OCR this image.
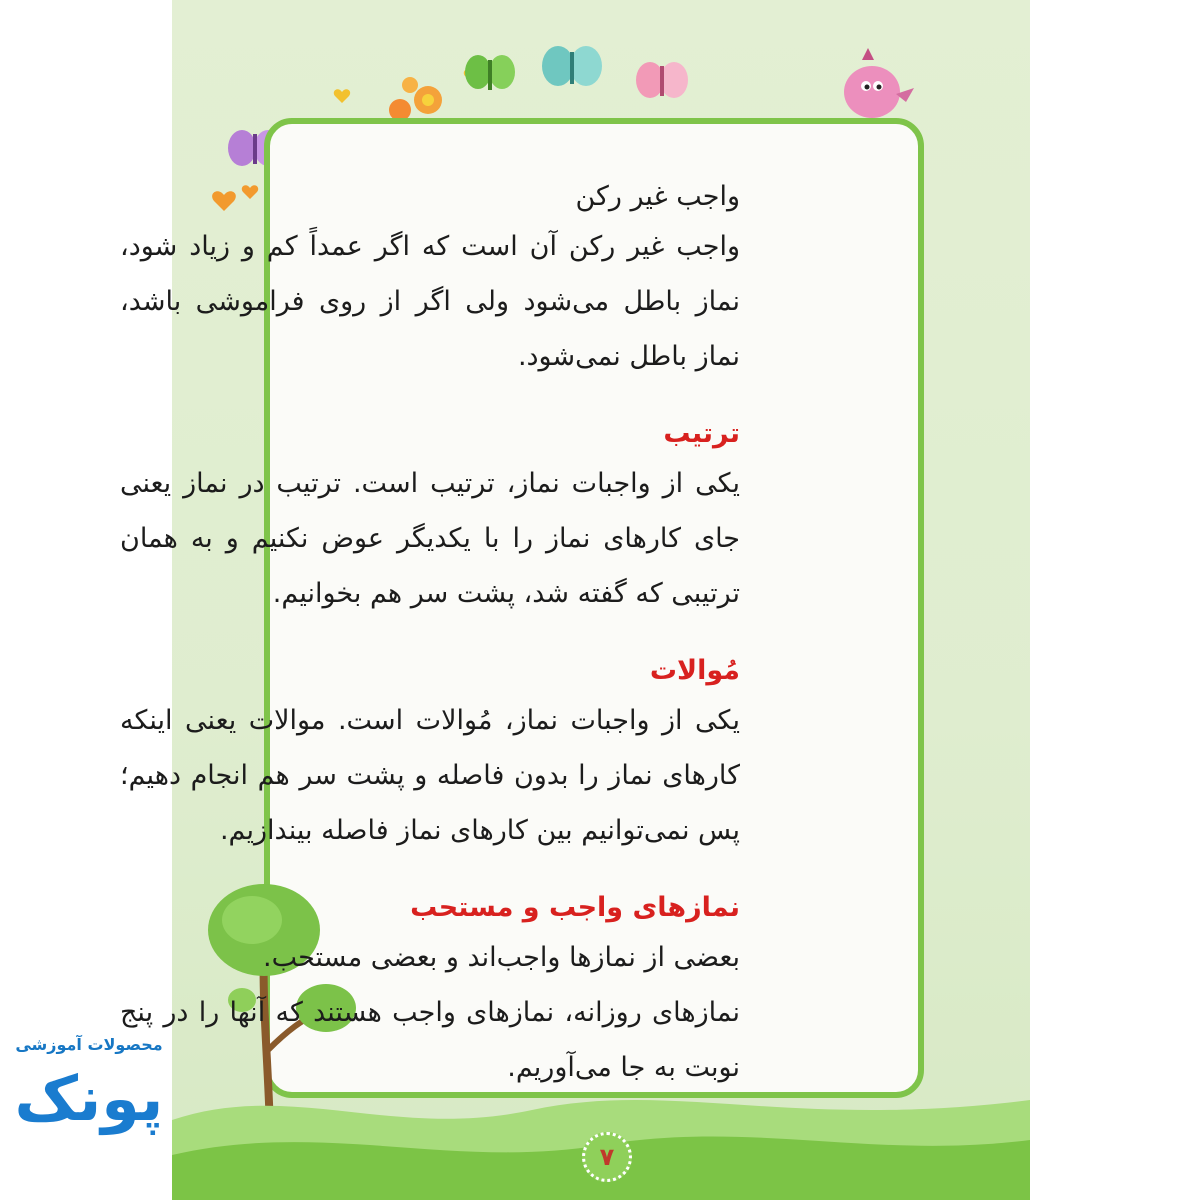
۷
واجب غیر رکن

واجب غیر رکن آن است که اگر عمداً کم و زیاد شود، نماز باطل می‌شود ولی اگر از روی فراموشی باشد، نماز باطل نمی‌شود.

ترتیب

یکی از واجبات نماز، ترتیب است. ترتیب در نماز یعنی جای کارهای نماز را با یکدیگر عوض نکنیم و به همان ترتیبی که گفته شد، پشت سر هم بخوانیم.

مُوالات

یکی از واجبات نماز، مُوالات است. موالات یعنی اینکه کارهای نماز را بدون فاصله و پشت سر هم انجام دهیم؛ پس نمی‌توانیم بین کارهای نماز فاصله بیندازیم.

نمازهای واجب و مستحب

بعضی از نمازها واجب‌اند و بعضی مستحب.

نمازهای روزانه، نمازهای واجب هستند که آنها را در پنج نوبت به جا می‌آوریم.

محصولات آموزشی
پونک
